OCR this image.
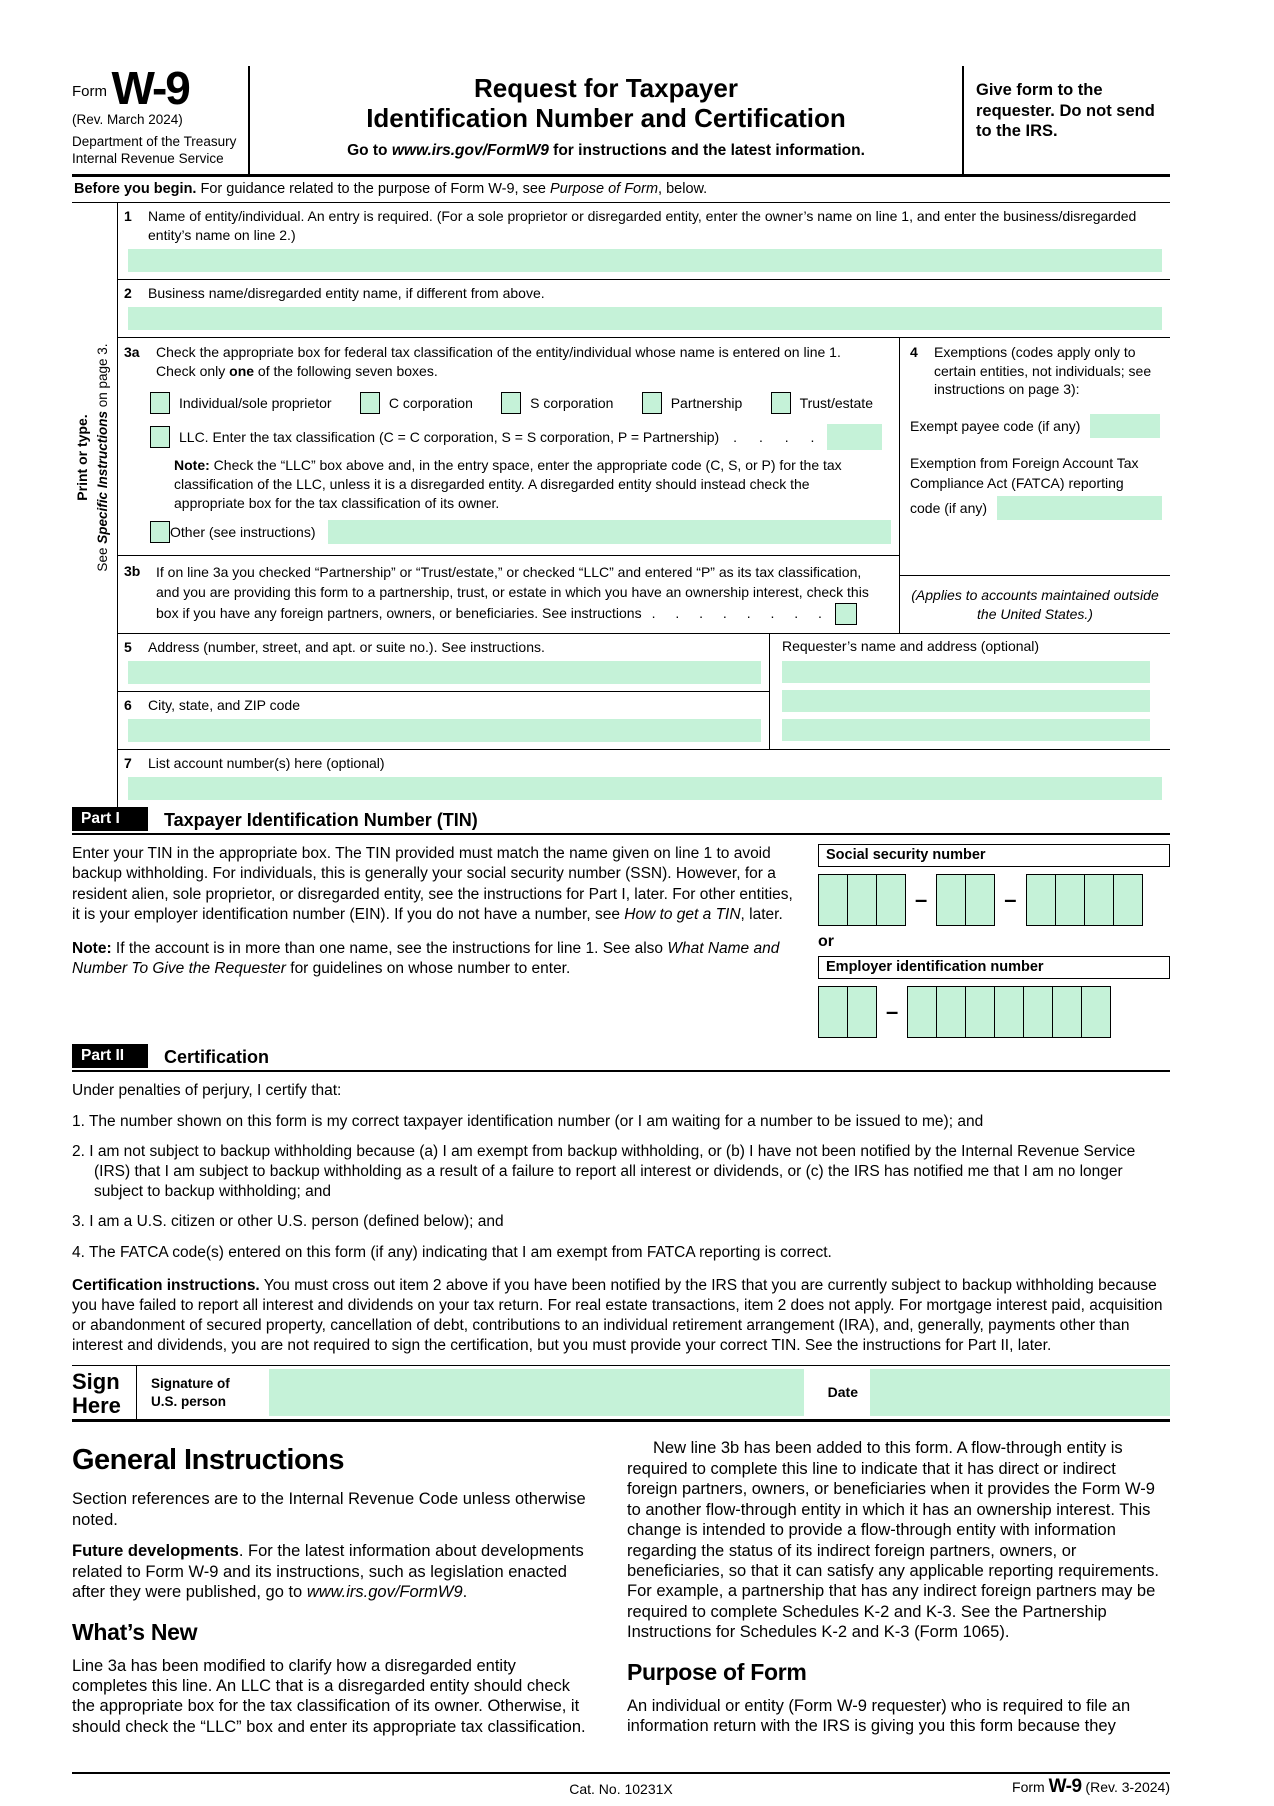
Form W-9
(Rev. March 2024)
Department of the Treasury
Internal Revenue Service
Request for Taxpayer
Identification Number and Certification
Go to www.irs.gov/FormW9 for instructions and the latest information.
Give form to the requester. Do not send to the IRS.
Before you begin. For guidance related to the purpose of Form W-9, see Purpose of Form, below.
Print or type.
See Specific Instructions on page 3.
1	Name of entity/individual. An entry is required. (For a sole proprietor or disregarded entity, enter the owner’s name on line 1, and enter the business/disregarded entity’s name on line 2.)
2	Business name/disregarded entity name, if different from above.
3a	Check the appropriate box for federal tax classification of the entity/individual whose name is entered on line 1. Check only one of the following seven boxes.
Individual/sole proprietor	C corporation	S corporation	Partnership	Trust/estate
LLC. Enter the tax classification (C = C corporation, S = S corporation, P = Partnership) . . . .
Note: Check the “LLC” box above and, in the entry space, enter the appropriate code (C, S, or P) for the tax classification of the LLC, unless it is a disregarded entity. A disregarded entity should instead check the appropriate box for the tax classification of its owner.
Other (see instructions)
3b	If on line 3a you checked “Partnership” or “Trust/estate,” or checked “LLC” and entered “P” as its tax classification, and you are providing this form to a partnership, trust, or estate in which you have an ownership interest, check this box if you have any foreign partners, owners, or beneficiaries. See instructions . . . . . . . .
4	Exemptions (codes apply only to certain entities, not individuals; see instructions on page 3):
Exempt payee code (if any)
Exemption from Foreign Account Tax Compliance Act (FATCA) reporting
code (if any)
(Applies to accounts maintained outside the United States.)
5	Address (number, street, and apt. or suite no.). See instructions.
6	City, state, and ZIP code
Requester’s name and address (optional)
7	List account number(s) here (optional)
Part I	Taxpayer Identification Number (TIN)

Enter your TIN in the appropriate box. The TIN provided must match the name given on line 1 to avoid backup withholding. For individuals, this is generally your social security number (SSN). However, for a resident alien, sole proprietor, or disregarded entity, see the instructions for Part I, later. For other entities, it is your employer identification number (EIN). If you do not have a number, see How to get a TIN, later.

Note: If the account is in more than one name, see the instructions for line 1. See also What Name and Number To Give the Requester for guidelines on whose number to enter.

Social security number
–	–
or
Employer identification number
–
Part II	Certification
Under penalties of perjury, I certify that:
1. The number shown on this form is my correct taxpayer identification number (or I am waiting for a number to be issued to me); and
2. I am not subject to backup withholding because (a) I am exempt from backup withholding, or (b) I have not been notified by the Internal Revenue Service (IRS) that I am subject to backup withholding as a result of a failure to report all interest or dividends, or (c) the IRS has notified me that I am no longer subject to backup withholding; and
3. I am a U.S. citizen or other U.S. person (defined below); and
4. The FATCA code(s) entered on this form (if any) indicating that I am exempt from FATCA reporting is correct.
Certification instructions. You must cross out item 2 above if you have been notified by the IRS that you are currently subject to backup withholding because you have failed to report all interest and dividends on your tax return. For real estate transactions, item 2 does not apply. For mortgage interest paid, acquisition or abandonment of secured property, cancellation of debt, contributions to an individual retirement arrangement (IRA), and, generally, payments other than interest and dividends, you are not required to sign the certification, but you must provide your correct TIN. See the instructions for Part II, later.
Sign
Here
Signature of
U.S. person
Date
General Instructions

Section references are to the Internal Revenue Code unless otherwise noted.

Future developments. For the latest information about developments related to Form W-9 and its instructions, such as legislation enacted after they were published, go to www.irs.gov/FormW9.

What’s New

Line 3a has been modified to clarify how a disregarded entity completes this line. An LLC that is a disregarded entity should check the appropriate box for the tax classification of its owner. Otherwise, it should check the “LLC” box and enter its appropriate tax classification.

New line 3b has been added to this form. A flow-through entity is required to complete this line to indicate that it has direct or indirect foreign partners, owners, or beneficiaries when it provides the Form W-9 to another flow-through entity in which it has an ownership interest. This change is intended to provide a flow-through entity with information regarding the status of its indirect foreign partners, owners, or beneficiaries, so that it can satisfy any applicable reporting requirements. For example, a partnership that has any indirect foreign partners may be required to complete Schedules K-2 and K-3. See the Partnership Instructions for Schedules K-2 and K-3 (Form 1065).

Purpose of Form

An individual or entity (Form W-9 requester) who is required to file an information return with the IRS is giving you this form because they

Cat. No. 10231X	Form W-9 (Rev. 3-2024)
